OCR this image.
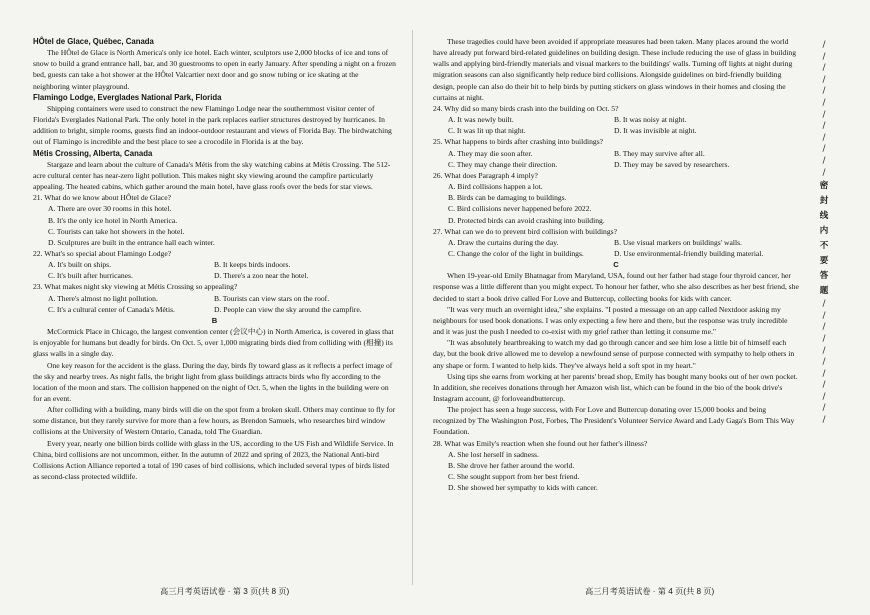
HÔtel de Glace, Québec, Canada

The HÔtel de Glace is North America's only ice hotel. Each winter, sculptors use 2,000 blocks of ice and tons of snow to build a grand entrance hall, bar, and 30 guestrooms to open in early January. After spending a night on a frozen bed, guests can take a hot shower at the HÔtel Valcartier next door and go snow tubing or ice skating at the neighboring winter playground.

Flamingo Lodge, Everglades National Park, Florida

Shipping containers were used to construct the new Flamingo Lodge near the southernmost visitor center of Florida's Everglades National Park. The only hotel in the park replaces earlier structures destroyed by hurricanes. In addition to bright, simple rooms, guests find an indoor-outdoor restaurant and views of Florida Bay. The birdwatching out of Flamingo is incredible and the best place to see a crocodile in Florida is at the bay.

Métis Crossing, Alberta, Canada

Stargaze and learn about the culture of Canada's Métis from the sky watching cabins at Métis Crossing. The 512-acre cultural center has near-zero light pollution. This makes night sky viewing around the campfire particularly appealing. The heated cabins, which gather around the main hotel, have glass roofs over the beds for star views.

21. What do we know about HÔtel de Glace?

A. There are over 30 rooms in this hotel.

B. It's the only ice hotel in North America.

C. Tourists can take hot showers in the hotel.

D. Sculptures are built in the entrance hall each winter.

22. What's so special about Flamingo Lodge?

A. It's built on ships.	B. It keeps birds indoors.
C. It's built after hurricanes.	D. There's a zoo near the hotel.

23. What makes night sky viewing at Métis Crossing so appealing?

A. There's almost no light pollution.	B. Tourists can view stars on the roof.
C. It's a cultural center of Canada's Métis.	D. People can view the sky around the campfire.

B

McCormick Place in Chicago, the largest convention center (会议中心) in North America, is covered in glass that is enjoyable for humans but deadly for birds. On Oct. 5, over 1,000 migrating birds died from colliding with (相撞) its glass walls in a single day.

One key reason for the accident is the glass. During the day, birds fly toward glass as it reflects a perfect image of the sky and nearby trees. As night falls, the bright light from glass buildings attracts birds who fly according to the location of the moon and stars. The collision happened on the night of Oct. 5, when the lights in the building were on for an event.

After colliding with a building, many birds will die on the spot from a broken skull. Others may continue to fly for some distance, but they rarely survive for more than a few hours, as Brendon Samuels, who researches bird window collisions at the University of Western Ontario, Canada, told The Guardian.

Every year, nearly one billion birds collide with glass in the US, according to the US Fish and Wildlife Service. In China, bird collisions are not uncommon, either. In the autumn of 2022 and spring of 2023, the National Anti-bird Collisions Action Alliance reported a total of 190 cases of bird collisions, which included several types of birds listed as second-class protected wildlife.

高三月考英语试卷 · 第 3 页(共 8 页)

These tragedies could have been avoided if appropriate measures had been taken. Many places around the world have already put forward bird-related guidelines on building design. These include reducing the use of glass in building walls and applying bird-friendly materials and visual markers to the buildings' walls. Turning off lights at night during migration seasons can also significantly help reduce bird collisions. Alongside guidelines on bird-friendly building design, people can also do their bit to help birds by putting stickers on glass windows in their homes and closing the curtains at night.

24. Why did so many birds crash into the building on Oct. 5?

A. It was newly built.	B. It was noisy at night.
C. It was lit up that night.	D. It was invisible at night.

25. What happens to birds after crashing into buildings?

A. They may die soon after.	B. They may survive after all.
C. They may change their direction.	D. They may be saved by researchers.

26. What does Paragraph 4 imply?

A. Bird collisions happen a lot.

B. Birds can be damaging to buildings.

C. Bird collisions never happened before 2022.

D. Protected birds can avoid crashing into building.

27. What can we do to prevent bird collision with buildings?

A. Draw the curtains during the day.	B. Use visual markers on buildings' walls.
C. Change the color of the light in buildings.	D. Use environmental-friendly building material.

C

When 19-year-old Emily Bhatnagar from Maryland, USA, found out her father had stage four thyroid cancer, her response was a little different than you might expect. To honour her father, who she also describes as her best friend, she decided to start a book drive called For Love and Buttercup, collecting books for kids with cancer.

"It was very much an overnight idea," she explains. "I posted a message on an app called Nextdoor asking my neighbours for used book donations. I was only expecting a few here and there, but the response was truly incredible and it was just the push I needed to co-exist with my grief rather than letting it consume me."

"It was absolutely heartbreaking to watch my dad go through cancer and see him lose a little bit of himself each day, but the book drive allowed me to develop a newfound sense of purpose connected with sympathy to help others in any shape or form. I wanted to help kids. They've always held a soft spot in my heart."

Using tips she earns from working at her parents' bread shop, Emily has bought many books out of her own pocket. In addition, she receives donations through her Amazon wish list, which can be found in the bio of the book drive's Instagram account, @ forloveandbuttercup.

The project has seen a huge success, with For Love and Buttercup donating over 15,000 books and being recognized by The Washington Post, Forbes, The President's Volunteer Service Award and Lady Gaga's Born This Way Foundation.

28. What was Emily's reaction when she found out her father's illness?

A. She lost herself in sadness.

B. She drove her father around the world.

C. She sought support from her best friend.

D. She showed her sympathy to kids with cancer.

高三月考英语试卷 · 第 4 页(共 8 页)
/
/
/
/
/
/
/
/
/
/
/
/
密
封
线
内
不
要
答
题
/
/
/
/
/
/
/
/
/
/
/
